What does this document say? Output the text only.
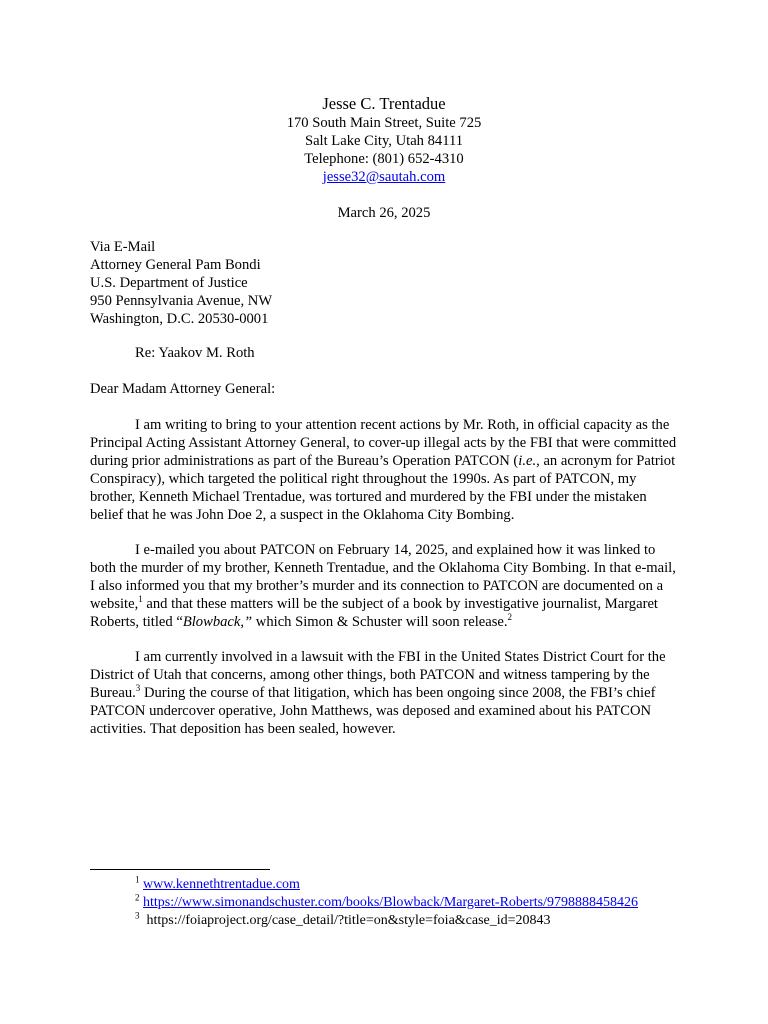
Jesse C. Trentadue
170 South Main Street, Suite 725
Salt Lake City, Utah 84111
Telephone: (801) 652-4310
jesse32@sautah.com
March 26, 2025
Via E-Mail
Attorney General Pam Bondi
U.S. Department of Justice
950 Pennsylvania Avenue, NW
Washington, D.C. 20530-0001
Re: Yaakov M. Roth
Dear Madam Attorney General:

I am writing to bring to your attention recent actions by Mr. Roth, in official capacity as the Principal Acting Assistant Attorney General, to cover-up illegal acts by the FBI that were committed during prior administrations as part of the Bureau’s Operation PATCON (i.e., an acronym for Patriot Conspiracy), which targeted the political right throughout the 1990s. As part of PATCON, my brother, Kenneth Michael Trentadue, was tortured and murdered by the FBI under the mistaken belief that he was John Doe 2, a suspect in the Oklahoma City Bombing.

I e-mailed you about PATCON on February 14, 2025, and explained how it was linked to both the murder of my brother, Kenneth Trentadue, and the Oklahoma City Bombing. In that e-mail, I also informed you that my brother’s murder and its connection to PATCON are documented on a website,$^1$ and that these matters will be the subject of a book by investigative journalist, Margaret Roberts, titled “Blowback,” which Simon & Schuster will soon release.$^2$

I am currently involved in a lawsuit with the FBI in the United States District Court for the District of Utah that concerns, among other things, both PATCON and witness tampering by the Bureau.$^3$ During the course of that litigation, which has been ongoing since 2008, the FBI’s chief PATCON undercover operative, John Matthews, was deposed and examined about his PATCON activities. That deposition has been sealed, however.

$^1$ www.kennethtrentadue.com
$^2$ https://www.simonandschuster.com/books/Blowback/Margaret-Roberts/9798888458426
$^3$ https://foiaproject.org/case_detail/?title=on&style=foia&case_id=20843
